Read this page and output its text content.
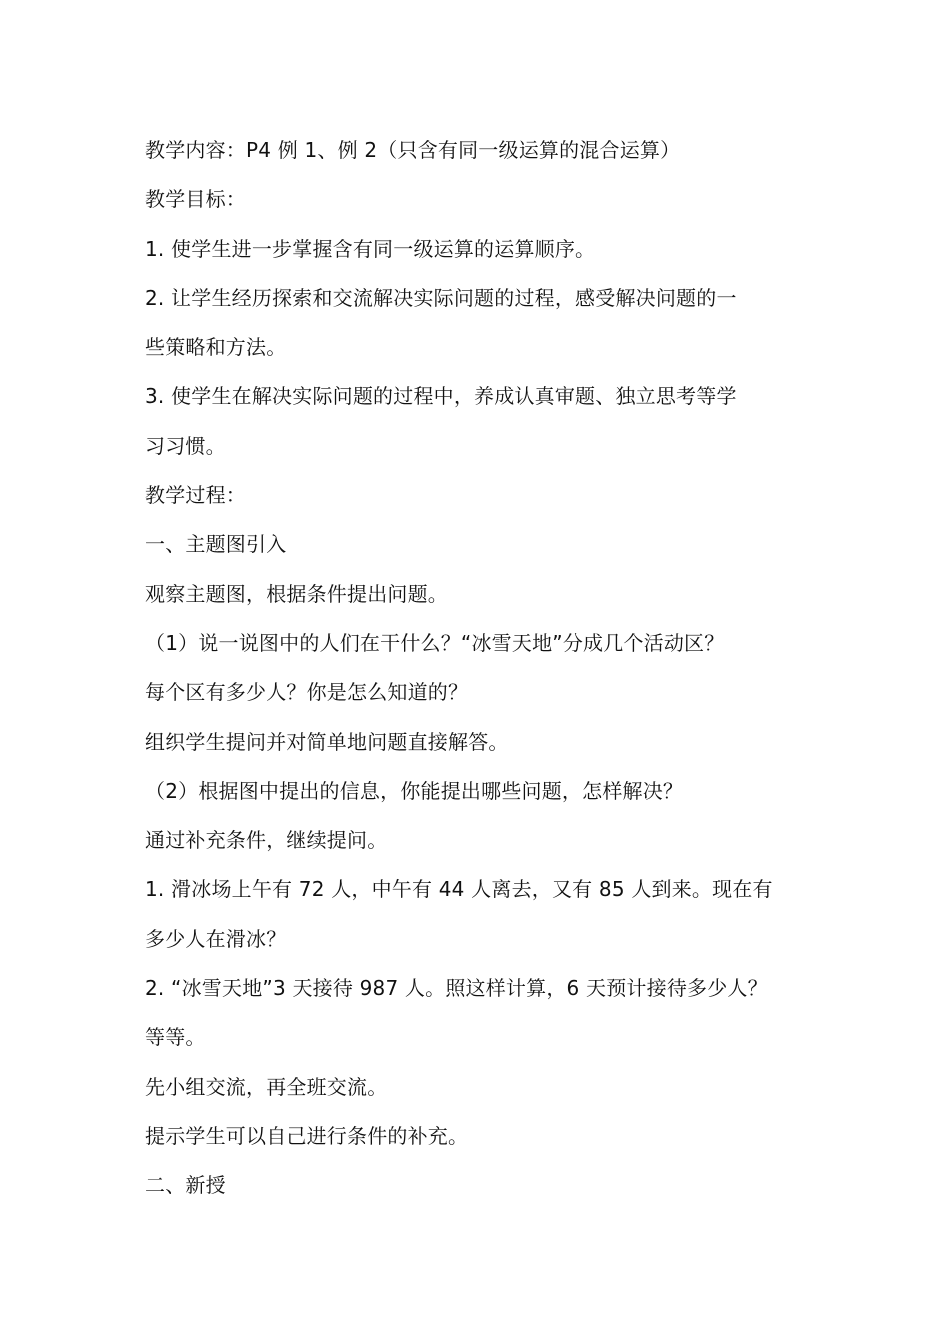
教学内容：P4 例 1、例 2（只含有同一级运算的混合运算）
教学目标：
1. 使学生进一步掌握含有同一级运算的运算顺序。
2. 让学生经历探索和交流解决实际问题的过程，感受解决问题的一
些策略和方法。
3. 使学生在解决实际问题的过程中，养成认真审题、独立思考等学
习习惯。
教学过程：
一、主题图引入
观察主题图，根据条件提出问题。
（1）说一说图中的人们在干什么？“冰雪天地”分成几个活动区？
每个区有多少人？你是怎么知道的？
组织学生提问并对简单地问题直接解答。
（2）根据图中提出的信息，你能提出哪些问题，怎样解决？
通过补充条件，继续提问。
1. 滑冰场上午有 72 人，中午有 44 人离去，又有 85 人到来。现在有
多少人在滑冰？
2. “冰雪天地”3 天接待 987 人。照这样计算，6 天预计接待多少人？
等等。
先小组交流，再全班交流。
提示学生可以自己进行条件的补充。
二、新授
